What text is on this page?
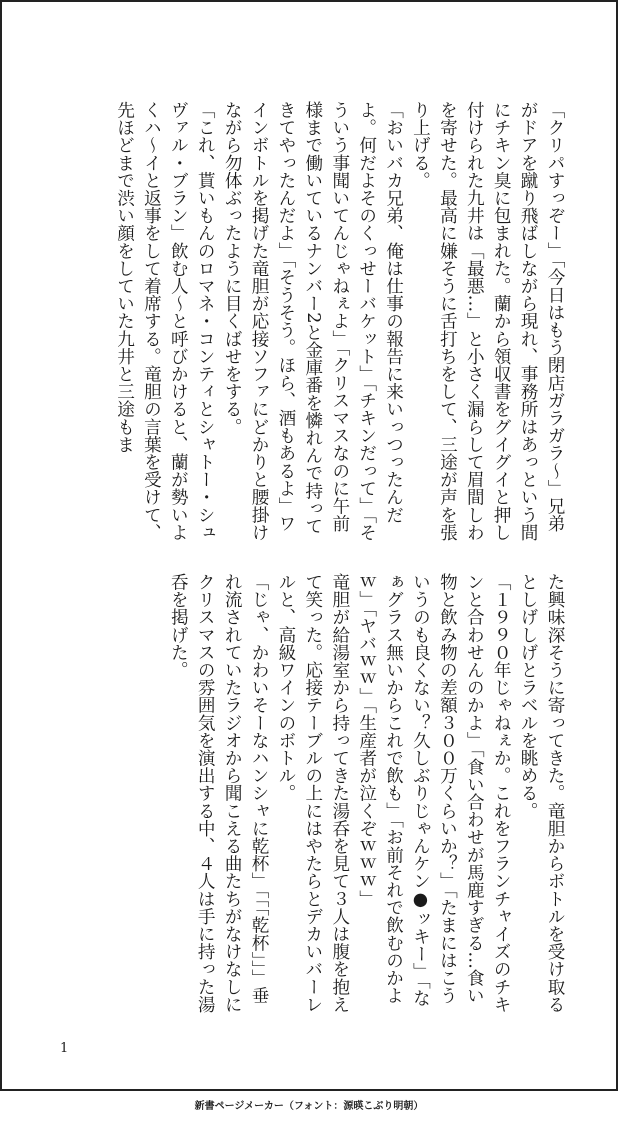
「クリパすっぞー」「今日はもう閉店ガラガラ～」兄弟がドアを蹴り飛ばしながら現れ、事務所はあっという間にチキン臭に包まれた。蘭から領収書をグイグイと押し付けられた九井は「最悪…」と小さく漏らして眉間しわを寄せた。最高に嫌そうに舌打ちをして、三途が声を張り上げる。

「おいバカ兄弟、俺は仕事の報告に来いっつったんだよ。何だよそのくっせーバケット」「チキンだって」「そういう事聞いてんじゃねぇよ」「クリスマスなのに午前様まで働いているナンバー2と金庫番を憐れんで持ってきてやったんだよ」「そうそう。ほら、酒もあるよ」ワインボトルを掲げた竜胆が応接ソファにどかりと腰掛けながら勿体ぶったように目くばせをする。

「これ、貰いもんのロマネ・コンティとシャトー・シュヴァル・ブラン」飲む人～と呼びかけると、蘭が勢いよくハ～イと返事をして着席する。竜胆の言葉を受けて、先ほどまで渋い顔をしていた九井と三途もま

た興味深そうに寄ってきた。竜胆からボトルを受け取るとしげしげとラベルを眺める。

「１９９０年じゃねぇか。これをフランチャイズのチキンと合わせんのかよ」「食い合わせが馬鹿すぎる…食い物と飲み物の差額３００万くらいか？」「たまにはこういうのも良くない？久しぶりじゃんケン●ッキー」「なぁグラス無いからこれで飲も」「お前それで飲むのかよｗ」「ヤバｗｗ」「生産者が泣くぞｗｗｗ」

竜胆が給湯室から持ってきた湯呑を見て３人は腹を抱えて笑った。応接テーブルの上にはやたらとデカいバーレルと、高級ワインのボトル。

「じゃ、かわいそーなハンシャに乾杯」「「「乾杯」」」垂れ流されていたラジオから聞こえる曲たちがなけなしにクリスマスの雰囲気を演出する中、４人は手に持った湯呑を掲げた。

1
新書ページメーカー（フォント：源暎こぶり明朝）
